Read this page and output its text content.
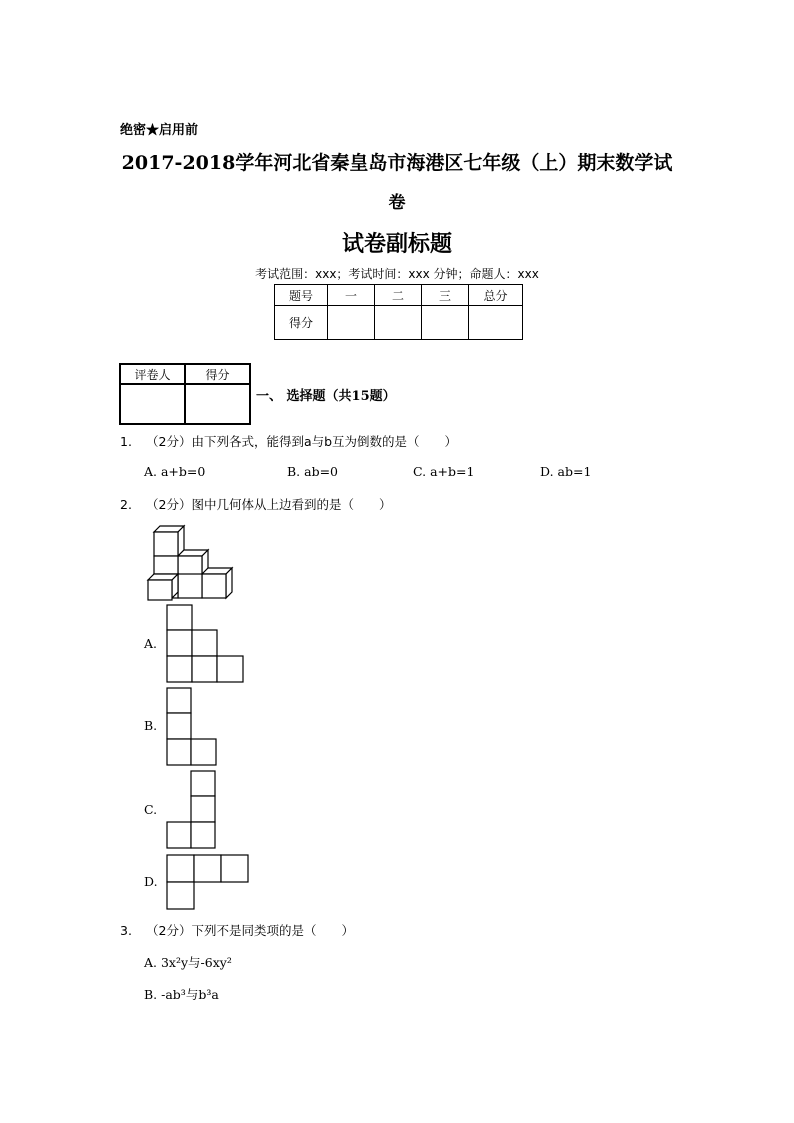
绝密★启用前
2017-2018学年河北省秦皇岛市海港区七年级（上）期末数学试
卷
试卷副标题
考试范围：xxx；考试时间：xxx 分钟；命题人：xxx
题号	一	二	三	总分
得分				
评卷人	得分

一、 选择题（共15题）
1. （2分）由下列各式，能得到a与b互为倒数的是（　　）
A. a+b=0	B. ab=0	C. a+b=1	D. ab=1
2. （2分）图中几何体从上边看到的是（　　）
A.
B.
C.
D.
3. （2分）下列不是同类项的是（　　）
A. 3x²y与-6xy²
B. -ab³与b³a
